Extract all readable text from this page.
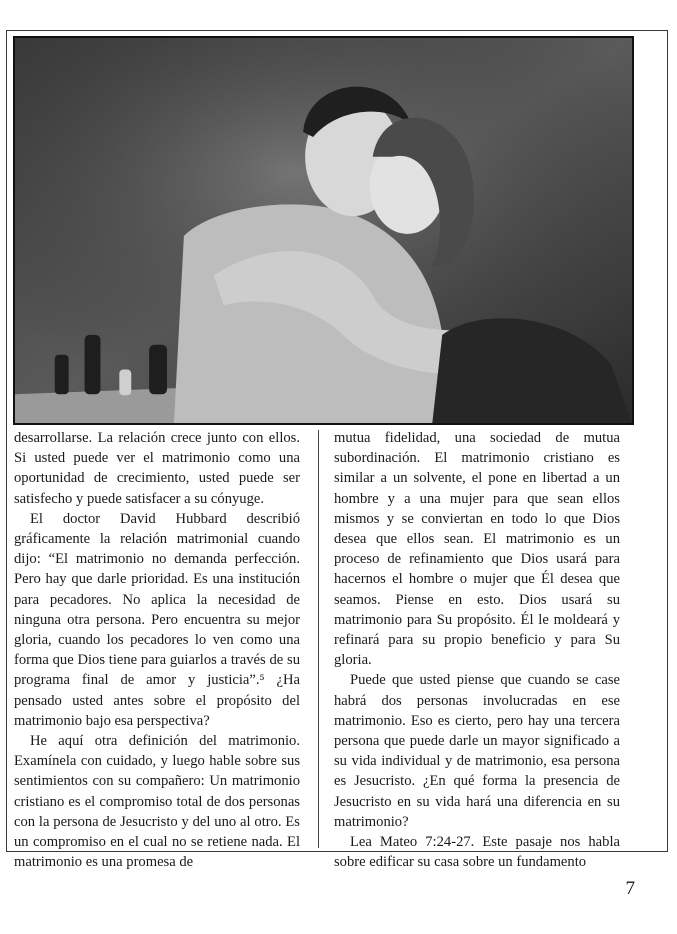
desarrollarse. La relación crece junto con ellos. Si usted puede ver el matrimonio como una oportunidad de crecimiento, usted puede ser satisfecho y puede satisfacer a su cónyuge.

El doctor David Hubbard describió gráficamente la relación matrimonial cuando dijo: “El matrimonio no demanda perfección. Pero hay que darle prioridad. Es una institución para pecadores. No aplica la necesidad de ninguna otra persona. Pero encuentra su mejor gloria, cuando los pecadores lo ven como una forma que Dios tiene para guiarlos a través de su programa final de amor y justicia”.⁵ ¿Ha pensado usted antes sobre el propósito del matrimonio bajo esa perspectiva?

He aquí otra definición del matrimonio. Examínela con cuidado, y luego hable sobre sus sentimientos con su compañero: Un matrimonio cristiano es el compromiso total de dos personas con la persona de Jesucristo y del uno al otro. Es un compromiso en el cual no se retiene nada. El matrimonio es una promesa de

mutua fidelidad, una sociedad de mutua subordinación. El matrimonio cristiano es similar a un solvente, el pone en libertad a un hombre y a una mujer para que sean ellos mismos y se conviertan en todo lo que Dios desea que ellos sean. El matrimonio es un proceso de refinamiento que Dios usará para hacernos el hombre o mujer que Él desea que seamos. Piense en esto. Dios usará su matrimonio para Su propósito. Él le moldeará y refinará para su propio beneficio y para Su gloria.

Puede que usted piense que cuando se case habrá dos personas involucradas en ese matrimonio. Eso es cierto, pero hay una tercera persona que puede darle un mayor significado a su vida individual y de matrimonio, esa persona es Jesucristo. ¿En qué forma la presencia de Jesucristo en su vida hará una diferencia en su matrimonio?

Lea Mateo 7:24-27. Este pasaje nos habla sobre edificar su casa sobre un fundamento

7
